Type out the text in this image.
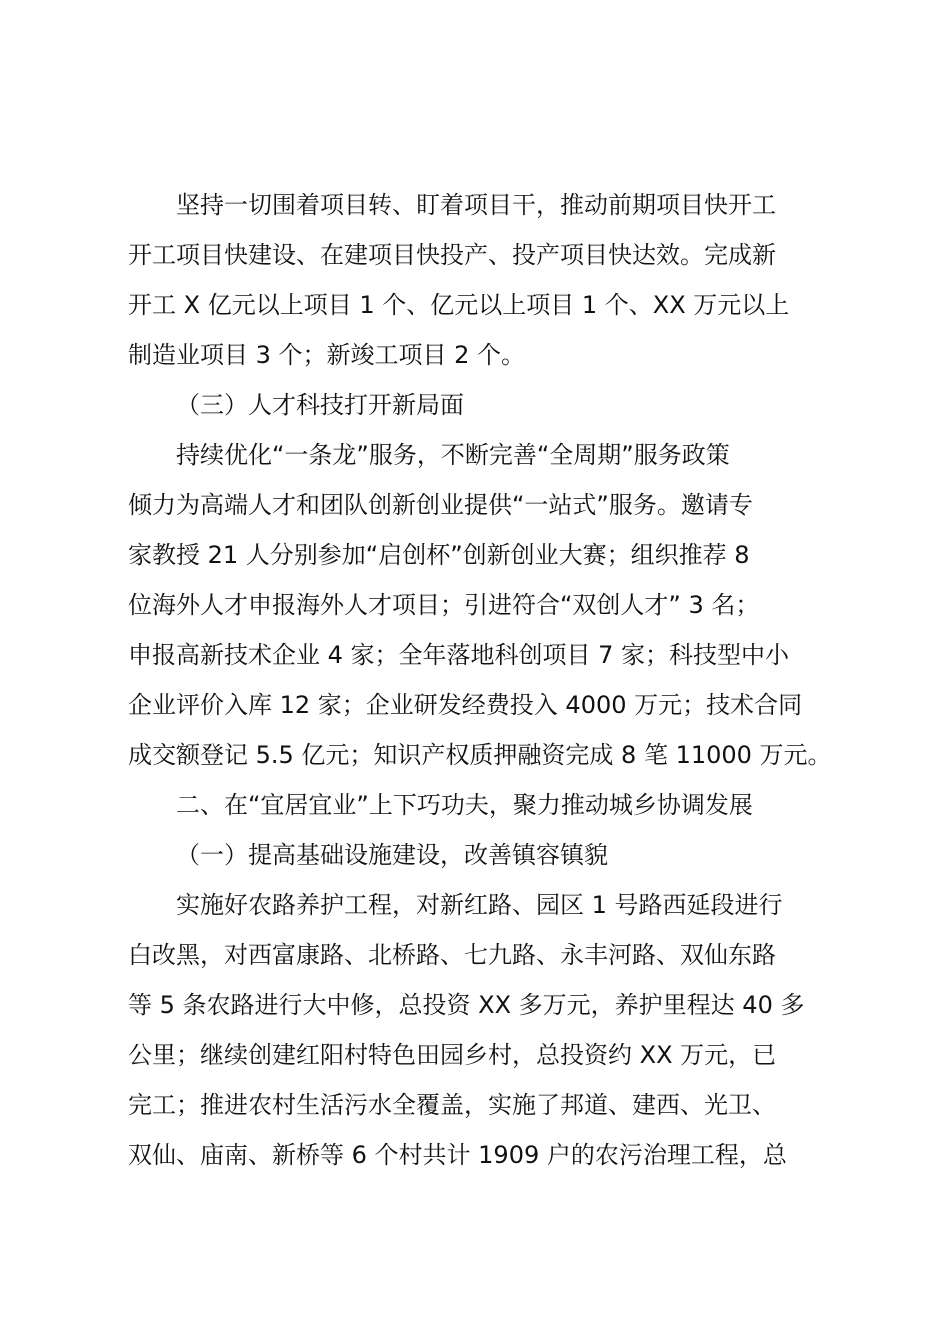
坚持一切围着项目转、盯着项目干，推动前期项目快开工
开工项目快建设、在建项目快投产、投产项目快达效。完成新
开工 X 亿元以上项目 1 个、亿元以上项目 1 个、XX 万元以上
制造业项目 3 个；新竣工项目 2 个。
（三）人才科技打开新局面
持续优化“一条龙”服务，不断完善“全周期”服务政策
倾力为高端人才和团队创新创业提供“一站式”服务。邀请专
家教授 21 人分别参加“启创杯”创新创业大赛；组织推荐 8
位海外人才申报海外人才项目；引进符合“双创人才” 3 名；
申报高新技术企业 4 家；全年落地科创项目 7 家；科技型中小
企业评价入库 12 家；企业研发经费投入 4000 万元；技术合同
成交额登记 5.5 亿元；知识产权质押融资完成 8 笔 11000 万元。
二、在“宜居宜业”上下巧功夫，聚力推动城乡协调发展
（一）提高基础设施建设，改善镇容镇貌
实施好农路养护工程，对新红路、园区 1 号路西延段进行
白改黑，对西富康路、北桥路、七九路、永丰河路、双仙东路
等 5 条农路进行大中修，总投资 XX 多万元，养护里程达 40 多
公里；继续创建红阳村特色田园乡村，总投资约 XX 万元，已
完工；推进农村生活污水全覆盖，实施了邦道、建西、光卫、
双仙、庙南、新桥等 6 个村共计 1909 户的农污治理工程，总
